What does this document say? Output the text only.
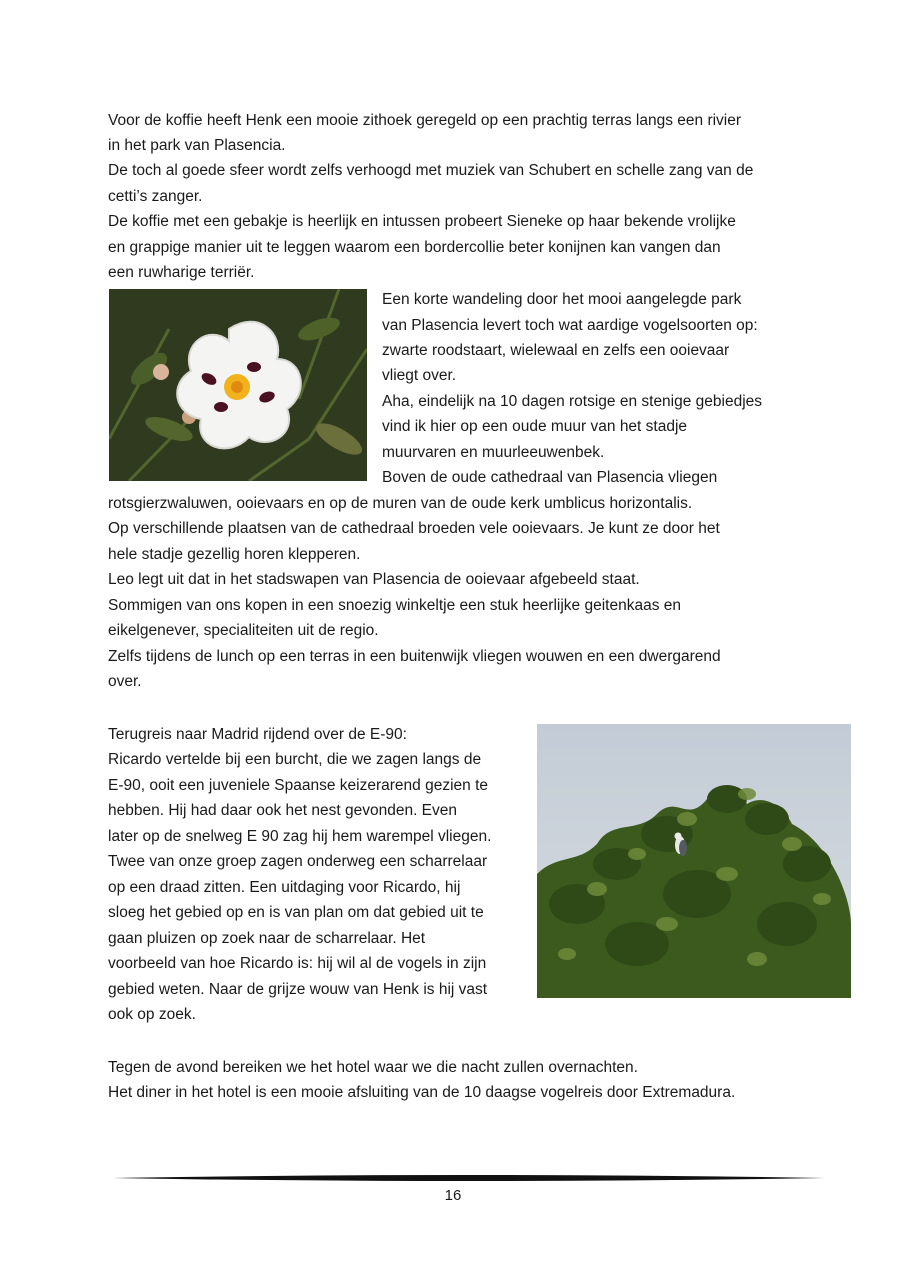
Voor de koffie heeft Henk een mooie zithoek geregeld op een prachtig terras langs een rivier
in het park van Plasencia.
De toch al goede sfeer wordt zelfs verhoogd met muziek van Schubert en schelle zang van de
cetti’s zanger.
De koffie met een gebakje is heerlijk en intussen probeert Sieneke op haar bekende vrolijke
en grappige manier uit te leggen waarom een bordercollie beter konijnen kan vangen dan
een ruwharige terriër.
Een korte wandeling door het mooi aangelegde park
van Plasencia levert toch wat aardige vogelsoorten op:
zwarte roodstaart, wielewaal en zelfs een ooievaar
vliegt over.
Aha, eindelijk na 10 dagen rotsige en stenige gebiedjes
vind ik hier op een oude muur van het stadje
muurvaren en muurleeuwenbek.
Boven de oude cathedraal van Plasencia vliegen
rotsgierzwaluwen, ooievaars en op de muren van de oude kerk umblicus horizontalis.
Op verschillende plaatsen van de cathedraal broeden vele ooievaars. Je kunt ze door het
hele stadje gezellig horen klepperen.
Leo legt uit dat in het stadswapen van Plasencia de ooievaar afgebeeld staat.
Sommigen van ons kopen in een snoezig winkeltje een stuk heerlijke geitenkaas en
eikelgenever, specialiteiten uit de regio.
Zelfs tijdens de lunch op een terras in een buitenwijk vliegen wouwen en een dwergarend
over.
Terugreis naar Madrid rijdend over de E-90:
Ricardo vertelde bij een burcht, die we zagen langs de
E-90, ooit een juveniele Spaanse keizerarend gezien te
hebben. Hij had daar ook het nest gevonden. Even
later op de snelweg E 90 zag hij hem warempel vliegen.
Twee van onze groep zagen onderweg een scharrelaar
op een draad zitten. Een uitdaging voor Ricardo, hij
sloeg het gebied op en is van plan om dat gebied uit te
gaan pluizen op zoek naar de scharrelaar. Het
voorbeeld van hoe Ricardo is: hij wil al de vogels in zijn
gebied weten. Naar de grijze wouw van Henk is hij vast
ook op zoek.
Tegen de avond bereiken we het hotel waar we die nacht zullen overnachten.
Het diner in het hotel is een mooie afsluiting van de 10 daagse vogelreis door Extremadura.
16
